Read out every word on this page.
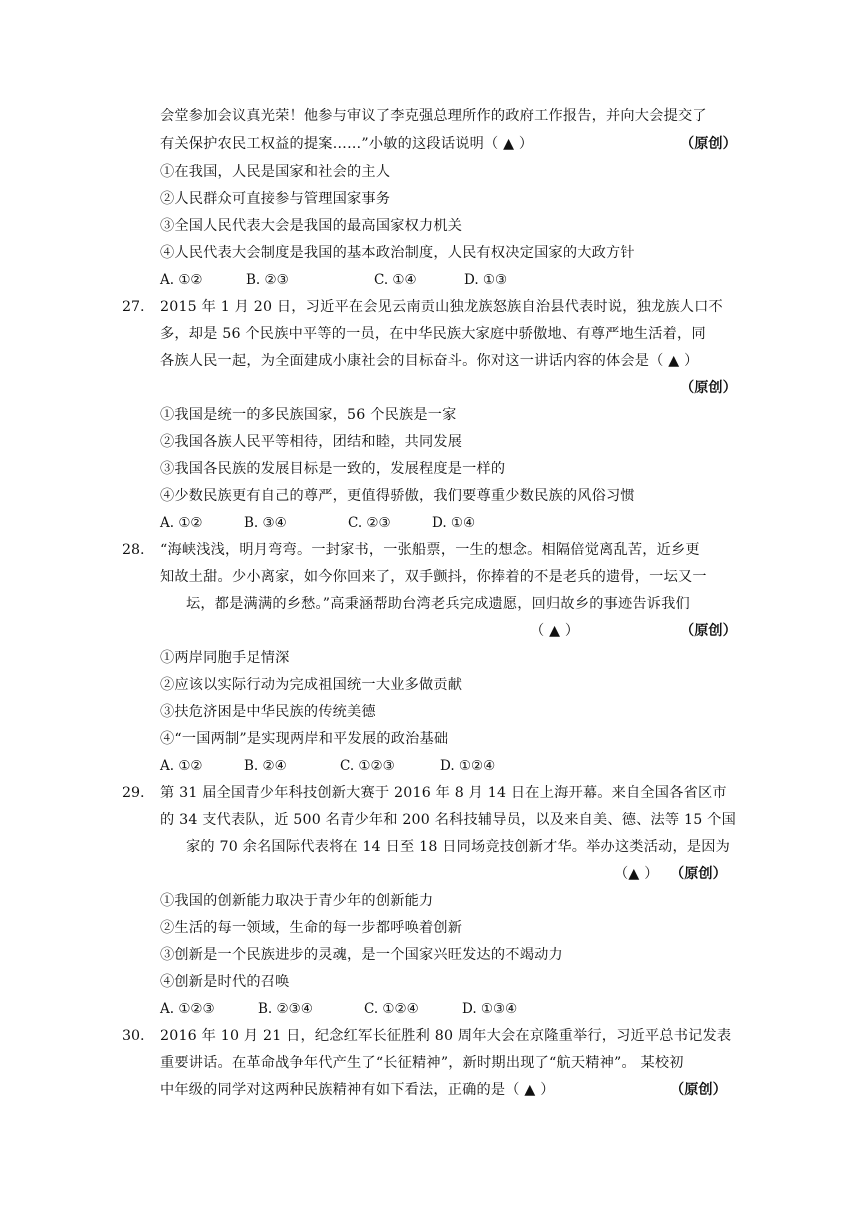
会堂参加会议真光荣！他参与审议了李克强总理所作的政府工作报告，并向大会提交了
有关保护农民工权益的提案……”小敏的这段话说明（ ▲ ）	（原创）
①在我国，人民是国家和社会的主人
②人民群众可直接参与管理国家事务
③全国人民代表大会是我国的最高国家权力机关
④人民代表大会制度是我国的基本政治制度，人民有权决定国家的大政方针
A. ①②	B. ②③	C. ①④	D. ①③
27. 2015 年 1 月 20 日，习近平在会见云南贡山独龙族怒族自治县代表时说，独龙族人口不
多，却是 56 个民族中平等的一员，在中华民族大家庭中骄傲地、有尊严地生活着，同
各族人民一起，为全面建成小康社会的目标奋斗。你对这一讲话内容的体会是（ ▲ ）
（原创）
①我国是统一的多民族国家，56 个民族是一家
②我国各族人民平等相待，团结和睦，共同发展
③我国各民族的发展目标是一致的，发展程度是一样的
④少数民族更有自己的尊严，更值得骄傲，我们要尊重少数民族的风俗习惯
A. ①②	B. ③④	C. ②③	D. ①④
28. “海峡浅浅，明月弯弯。一封家书，一张船票，一生的想念。相隔倍觉离乱苦，近乡更
知故土甜。少小离家，如今你回来了，双手颤抖，你捧着的不是老兵的遗骨，一坛又一
坛，都是满满的乡愁。”高秉涵帮助台湾老兵完成遗愿，回归故乡的事迹告诉我们
（ ▲ ）	（原创）
①两岸同胞手足情深
②应该以实际行动为完成祖国统一大业多做贡献
③扶危济困是中华民族的传统美德
④“一国两制”是实现两岸和平发展的政治基础
A. ①②	B. ②④	C. ①②③	D. ①②④
29. 第 31 届全国青少年科技创新大赛于 2016 年 8 月 14 日在上海开幕。来自全国各省区市
的 34 支代表队，近 500 名青少年和 200 名科技辅导员，以及来自美、德、法等 15 个国
家的 70 余名国际代表将在 14 日至 18 日同场竞技创新才华。举办这类活动，是因为
（▲ ） （原创）
①我国的创新能力取决于青少年的创新能力
②生活的每一领域，生命的每一步都呼唤着创新
③创新是一个民族进步的灵魂，是一个国家兴旺发达的不竭动力
④创新是时代的召唤
A. ①②③	B. ②③④	C. ①②④	D. ①③④
30. 2016 年 10 月 21 日，纪念红军长征胜利 80 周年大会在京隆重举行，习近平总书记发表
重要讲话。在革命战争年代产生了“长征精神”，新时期出现了“航天精神”。 某校初
中年级的同学对这两种民族精神有如下看法，正确的是（ ▲ ）	（原创）
